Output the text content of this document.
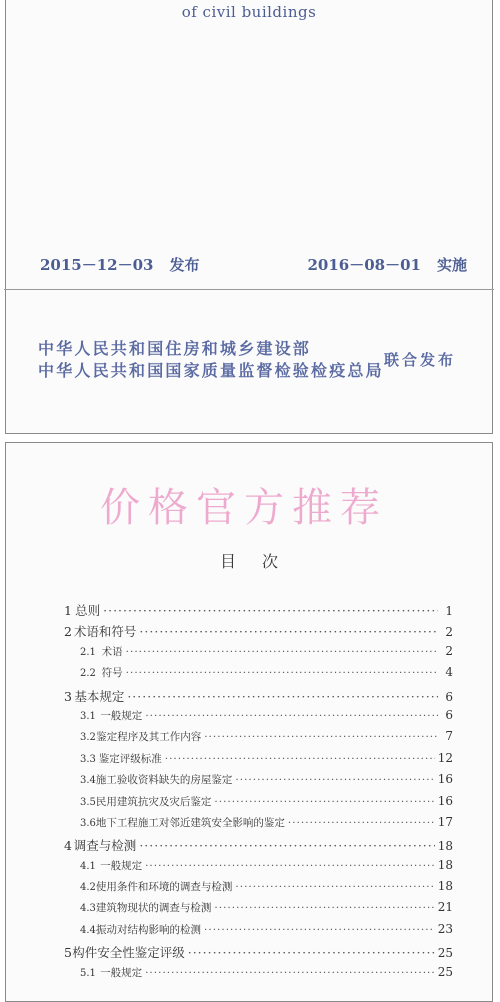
of civil buildings
2015－12－03 发布	2016－08－01 实施
中华人民共和国住房和城乡建设部
中华人民共和国国家质量监督检验检疫总局
联合发布
目次
1 总则 ·····	1
2 术语和符号 ·····	2
2.1 术语 ·····	2
2.2 符号 ·····	4
3 基本规定 ·····	6
3.1 一般规定 ·····	6
3.2 鉴定程序及其工作内容 ·····	7
3.3 鉴定评级标准 ·····	12
3.4 施工验收资料缺失的房屋鉴定 ·····	16
3.5 民用建筑抗灾及灾后鉴定 ·····	16
3.6 地下工程施工对邻近建筑安全影响的鉴定 ·····	17
4 调查与检测 ·····	18
4.1 一般规定 ·····	18
4.2 使用条件和环境的调查与检测 ·····	18
4.3 建筑物现状的调查与检测 ·····	21
4.4 振动对结构影响的检测 ·····	23
5 构件安全性鉴定评级 ·····	25
5.1 一般规定 ·····	25
价格官方推荐
